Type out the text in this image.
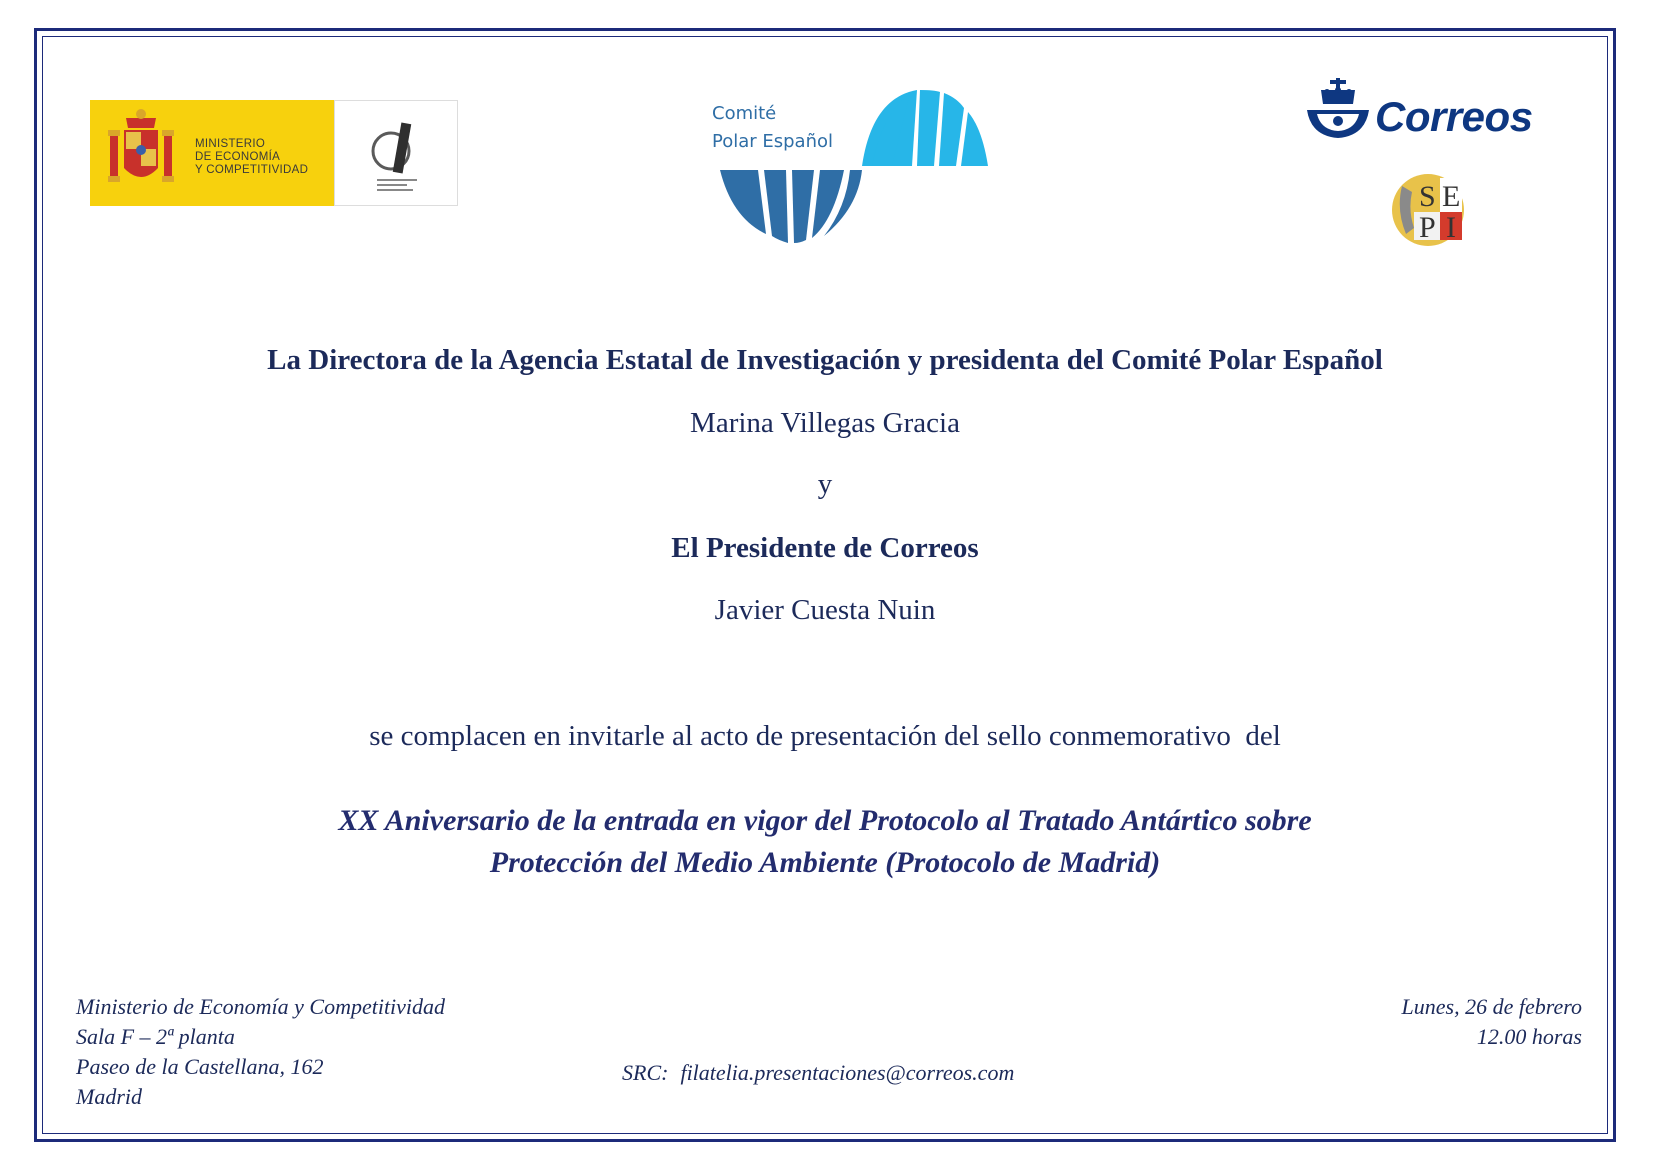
MINISTERIO
DE ECONOMÍA
Y COMPETITIVIDAD
Comité
Polar Español
Correos
S E
P I
La Directora de la Agencia Estatal de Investigación y presidenta del Comité Polar Español
Marina Villegas Gracia
y
El Presidente de Correos
Javier Cuesta Nuin
se complacen en invitarle al acto de presentación del sello conmemorativo  del
XX Aniversario de la entrada en vigor del Protocolo al Tratado Antártico sobre
Protección del Medio Ambiente (Protocolo de Madrid)
Ministerio de Economía y Competitividad
Sala F – 2ª planta
Paseo de la Castellana, 162
Madrid
Lunes, 26 de febrero
12.00 horas
SRC: filatelia.presentaciones@correos.com
